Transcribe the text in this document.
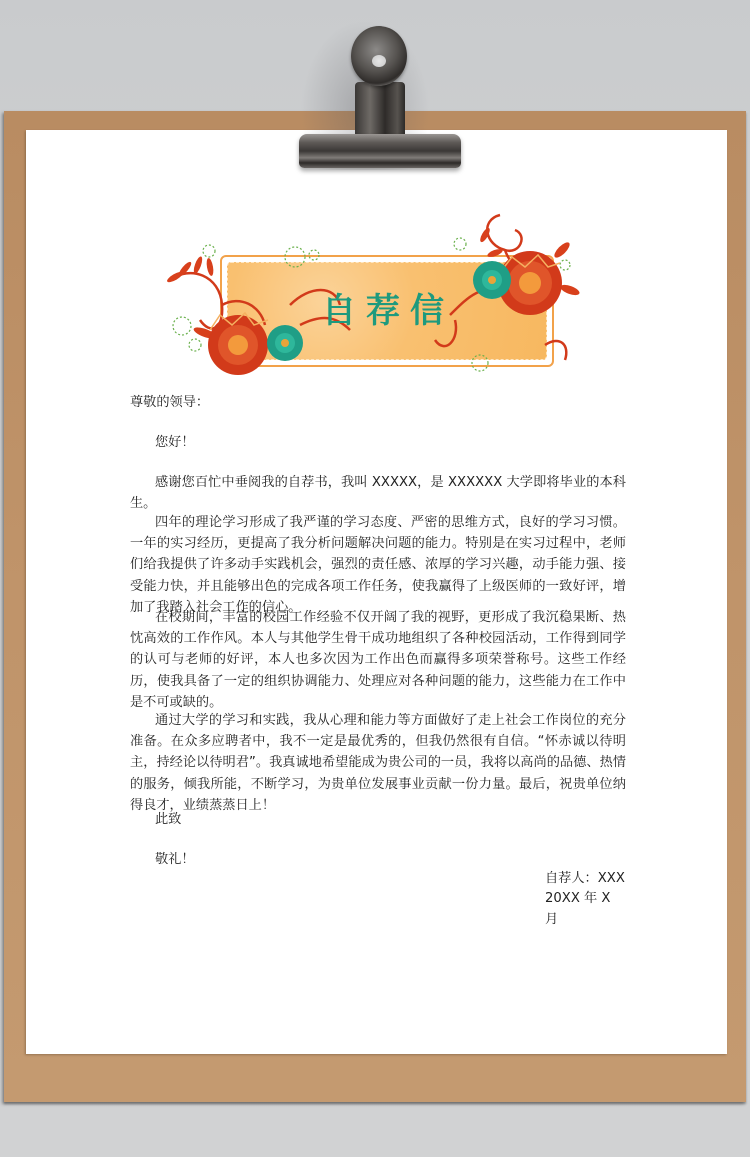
自荐信

尊敬的领导：

您好！

感谢您百忙中垂阅我的自荐书，我叫 XXXXX，是 XXXXXX 大学即将毕业的本科生。

四年的理论学习形成了我严谨的学习态度、严密的思维方式，良好的学习习惯。一年的实习经历，更提高了我分析问题解决问题的能力。特别是在实习过程中，老师们给我提供了许多动手实践机会，强烈的责任感、浓厚的学习兴趣，动手能力强、接受能力快，并且能够出色的完成各项工作任务，使我赢得了上级医师的一致好评，增加了我踏入社会工作的信心。

在校期间，丰富的校园工作经验不仅开阔了我的视野，更形成了我沉稳果断、热忱高效的工作作风。本人与其他学生骨干成功地组织了各种校园活动，工作得到同学的认可与老师的好评，本人也多次因为工作出色而赢得多项荣誉称号。这些工作经历，使我具备了一定的组织协调能力、处理应对各种问题的能力，这些能力在工作中是不可或缺的。

通过大学的学习和实践，我从心理和能力等方面做好了走上社会工作岗位的充分准备。在众多应聘者中，我不一定是最优秀的，但我仍然很有自信。“怀赤诚以待明主，持经论以待明君”。我真诚地希望能成为贵公司的一员，我将以高尚的品德、热情的服务，倾我所能，不断学习，为贵单位发展事业贡献一份力量。最后，祝贵单位纳得良才，业绩蒸蒸日上！

此致

敬礼！

自荐人：XXX

20XX 年 X 月
